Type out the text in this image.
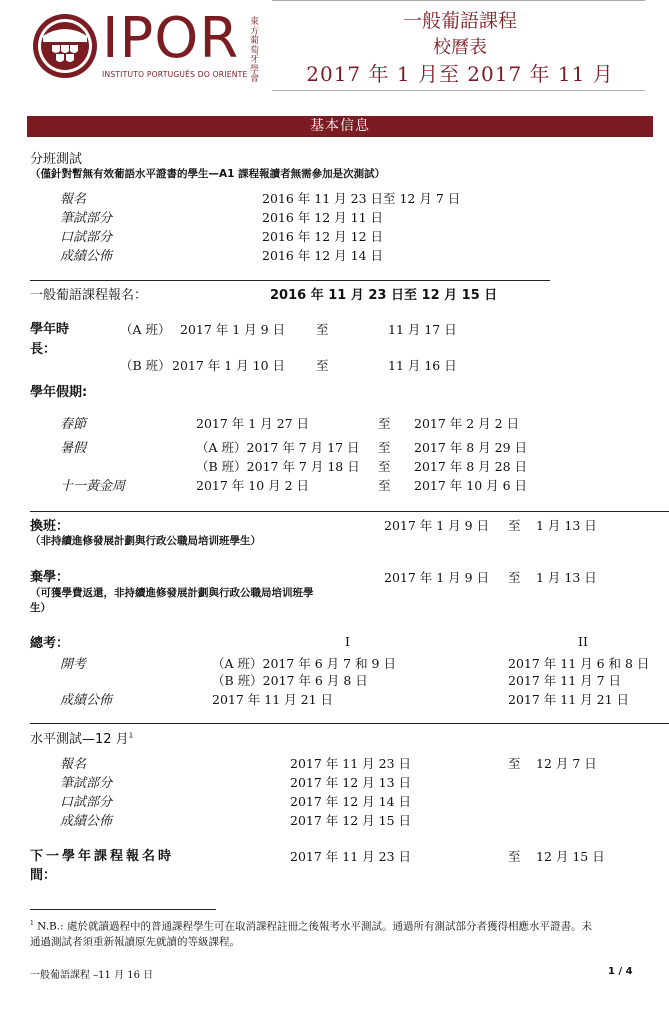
IPOR
INSTITUTO PORTUGUÊS DO ORIENTE
東方葡萄牙學會
一般葡語課程
校曆表
2017 年 1 月至 2017 年 11 月
基本信息
分班測試
（僅針對暫無有效葡語水平證書的學生—A1 課程報讀者無需參加是次測試）
報名	2016 年 11 月 23 日至 12 月 7 日
筆試部分	2016 年 12 月 11 日
口試部分	2016 年 12 月 12 日
成績公佈	2016 年 12 月 14 日
一般葡語課程報名：	2016 年 11 月 23 日至 12 月 15 日
學年時長：
（A 班） 2017 年 1 月 9 日 至	11 月 17 日
（B 班） 2017 年 1 月 10 日 至	11 月 16 日
學年假期:
春節	2017 年 1 月 27 日	至 2017 年 2 月 2 日
暑假	（A 班）2017 年 7 月 17 日 至 2017 年 8 月 29 日
（B 班）2017 年 7 月 18 日 至 2017 年 8 月 28 日
十一黃金周	2017 年 10 月 2 日	至 2017 年 10 月 6 日
換班：
（非持續進修發展計劃與行政公職局培训班學生）
2017 年 1 月 9 日 至 1 月 13 日
棄學：
（可獲學費返還，非持續進修發展計劃與行政公職局培训班學
生）
2017 年 1 月 9 日 至 1 月 13 日
總考：	I	II
開考	（A 班）2017 年 6 月 7 和 9 日	2017 年 11 月 6 和 8 日
（B 班）2017 年 6 月 8 日	2017 年 11 月 7 日
成績公佈	2017 年 11 月 21 日	2017 年 11 月 21 日
水平測試—12 月$^1$
報名	2017 年 11 月 23 日	至 12 月 7 日
筆試部分	2017 年 12 月 13 日
口試部分	2017 年 12 月 14 日
成績公佈	2017 年 12 月 15 日
下一學年課程報名時
間：
2017 年 11 月 23 日	至 12 月 15 日
$^1$ N.B.: 處於就讀過程中的普通課程學生可在取消課程註冊之後報考水平測試。通過所有測試部分者獲得相應水平證書。未
通過測試者須重新報讀原先就讀的等級課程。
一般葡語課程 –11 月 16 日	1 / 4
